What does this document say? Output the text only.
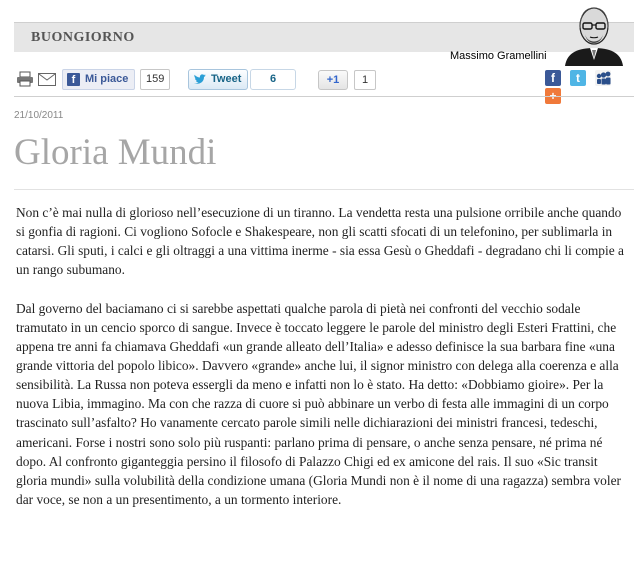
BUONGIORNO
Massimo Gramellini
f Mi piace	159	Tweet	6	+1	1	f t
21/10/2011
Gloria Mundi

Non c’è mai nulla di glorioso nell’esecuzione di un tiranno. La vendetta resta una pulsione orribile anche quando si gonfia di ragioni. Ci vogliono Sofocle e Shakespeare, non gli scatti sfocati di un telefonino, per sublimarla in catarsi. Gli sputi, i calci e gli oltraggi a una vittima inerme - sia essa Gesù o Gheddafi - degradano chi li compie a un rango subumano.

Dal governo del baciamano ci si sarebbe aspettati qualche parola di pietà nei confronti del vecchio sodale tramutato in un cencio sporco di sangue. Invece è toccato leggere le parole del ministro degli Esteri Frattini, che appena tre anni fa chiamava Gheddafi «un grande alleato dell’Italia» e adesso definisce la sua barbara fine «una grande vittoria del popolo libico». Davvero «grande» anche lui, il signor ministro con delega alla coerenza e alla sensibilità. La Russa non poteva essergli da meno e infatti non lo è stato. Ha detto: «Dobbiamo gioire». Per la nuova Libia, immagino. Ma con che razza di cuore si può abbinare un verbo di festa alle immagini di un corpo trascinato sull’asfalto? Ho vanamente cercato parole simili nelle dichiarazioni dei ministri francesi, tedeschi, americani. Forse i nostri sono solo più ruspanti: parlano prima di pensare, o anche senza pensare, né prima né dopo. Al confronto giganteggia persino il filosofo di Palazzo Chigi ed ex amicone del rais. Il suo «Sic transit gloria mundi» sulla volubilità della condizione umana (Gloria Mundi non è il nome di una ragazza) sembra voler dar voce, se non a un presentimento, a un tormento interiore.
